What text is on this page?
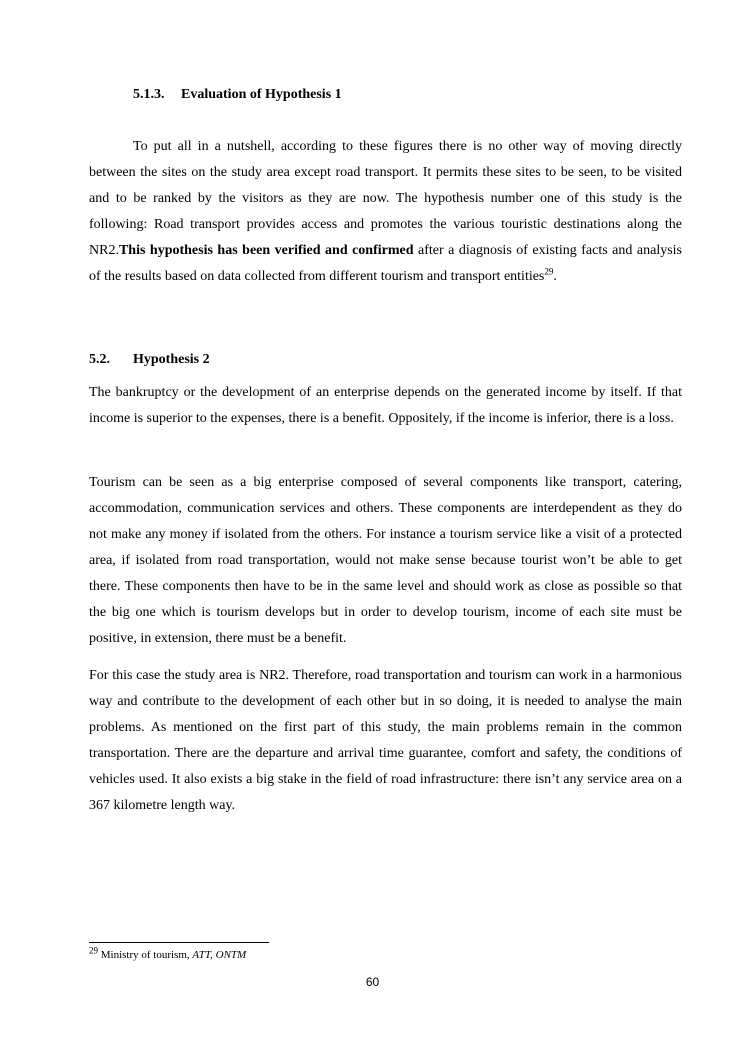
5.1.3. Evaluation of Hypothesis 1

To put all in a nutshell, according to these figures there is no other way of moving directly between the sites on the study area except road transport. It permits these sites to be seen, to be visited and to be ranked by the visitors as they are now. The hypothesis number one of this study is the following: Road transport provides access and promotes the various touristic destinations along the NR2.This hypothesis has been verified and confirmed after a diagnosis of existing facts and analysis of the results based on data collected from different tourism and transport entities$^{29}$.

5.2. Hypothesis 2

The bankruptcy or the development of an enterprise depends on the generated income by itself. If that income is superior to the expenses, there is a benefit. Oppositely, if the income is inferior, there is a loss.

Tourism can be seen as a big enterprise composed of several components like transport, catering, accommodation, communication services and others. These components are interdependent as they do not make any money if isolated from the others. For instance a tourism service like a visit of a protected area, if isolated from road transportation, would not make sense because tourist won’t be able to get there. These components then have to be in the same level and should work as close as possible so that the big one which is tourism develops but in order to develop tourism, income of each site must be positive, in extension, there must be a benefit.

For this case the study area is NR2. Therefore, road transportation and tourism can work in a harmonious way and contribute to the development of each other but in so doing, it is needed to analyse the main problems. As mentioned on the first part of this study, the main problems remain in the common transportation. There are the departure and arrival time guarantee, comfort and safety, the conditions of vehicles used. It also exists a big stake in the field of road infrastructure: there isn’t any service area on a 367 kilometre length way.

$^{29}$ Ministry of tourism, ATT, ONTM
60
